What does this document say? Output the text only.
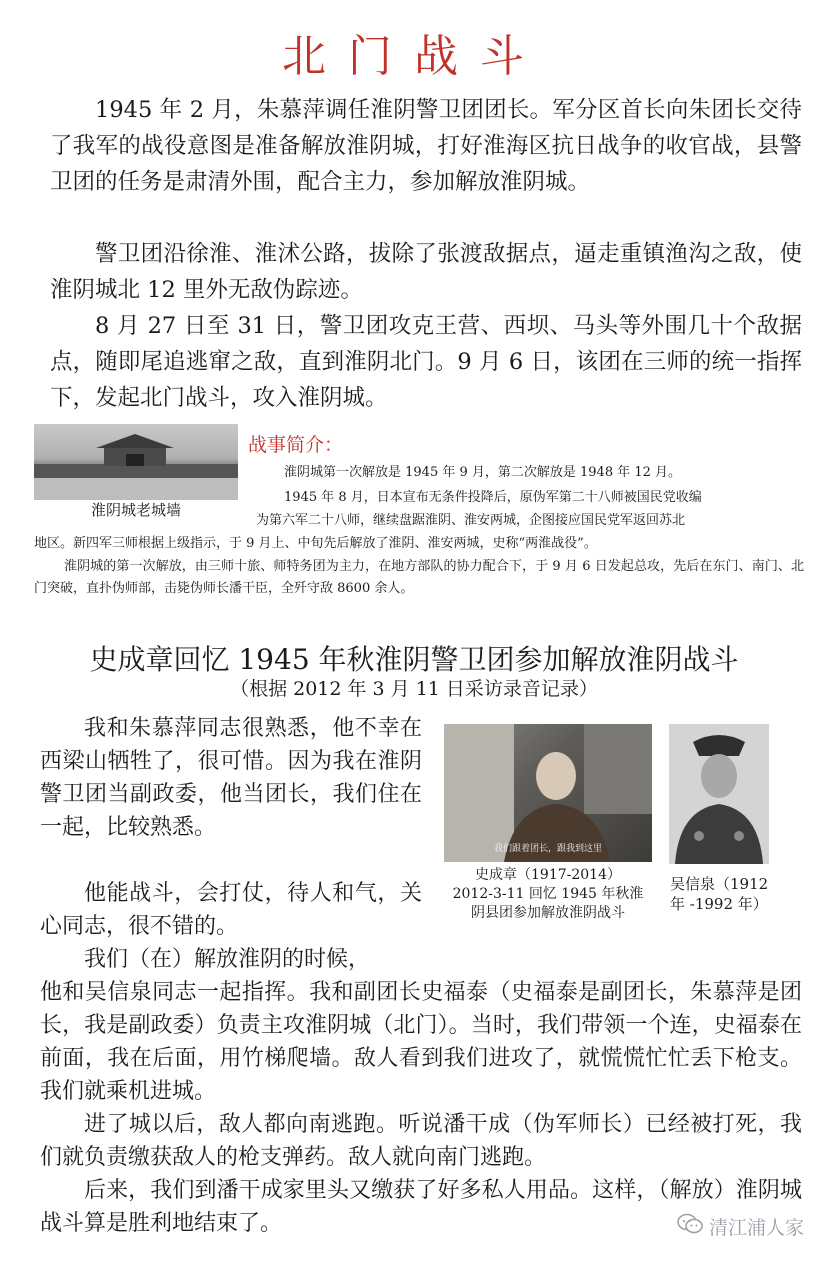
北门战斗

1945 年 2 月，朱慕萍调任淮阴警卫团团长。军分区首长向朱团长交待了我军的战役意图是准备解放淮阴城，打好淮海区抗日战争的收官战，县警卫团的任务是肃清外围，配合主力，参加解放淮阴城。

警卫团沿徐淮、淮沭公路，拔除了张渡敌据点，逼走重镇渔沟之敌，使淮阴城北 12 里外无敌伪踪迹。

8 月 27 日至 31 日，警卫团攻克王营、西坝、马头等外围几十个敌据点，随即尾追逃窜之敌，直到淮阴北门。9 月 6 日，该团在三师的统一指挥下，发起北门战斗，攻入淮阴城。

淮阴城老城墙
战事简介：

淮阴城第一次解放是 1945 年 9 月，第二次解放是 1948 年 12 月。

1945 年 8 月，日本宣布无条件投降后，原伪军第二十八师被国民党收编

为第六军二十八师，继续盘踞淮阴、淮安两城，企图接应国民党军返回苏北

地区。新四军三师根据上级指示，于 9 月上、中旬先后解放了淮阴、淮安两城，史称“两淮战役”。

淮阴城的第一次解放，由三师十旅、师特务团为主力，在地方部队的协力配合下，于 9 月 6 日发起总攻，先后在东门、南门、北门突破，直扑伪师部，击毙伪师长潘干臣，全歼守敌 8600 余人。

史成章回忆 1945 年秋淮阴警卫团参加解放淮阴战斗
（根据 2012 年 3 月 11 日采访录音记录）

我和朱慕萍同志很熟悉，他不幸在西梁山牺牲了，很可惜。因为我在淮阴警卫团当副政委，他当团长，我们住在一起，比较熟悉。

他能战斗，会打仗，待人和气，关心同志，很不错的。

我们（在）解放淮阴的时候，

他和吴信泉同志一起指挥。我和副团长史福泰（史福泰是副团长，朱慕萍是团长，我是副政委）负责主攻淮阴城（北门）。当时，我们带领一个连，史福泰在前面，我在后面，用竹梯爬墙。敌人看到我们进攻了，就慌慌忙忙丢下枪支。我们就乘机进城。

进了城以后，敌人都向南逃跑。听说潘干成（伪军师长）已经被打死，我们就负责缴获敌人的枪支弹药。敌人就向南门逃跑。

后来，我们到潘干成家里头又缴获了好多私人用品。这样，（解放）淮阴城战斗算是胜利地结束了。

我们跟着团长，跟我到这里
史成章（1917-2014）
2012-3-11 回忆 1945 年秋淮
阴县团参加解放淮阴战斗
吴信泉（1912
年 -1992 年）
清江浦人家
